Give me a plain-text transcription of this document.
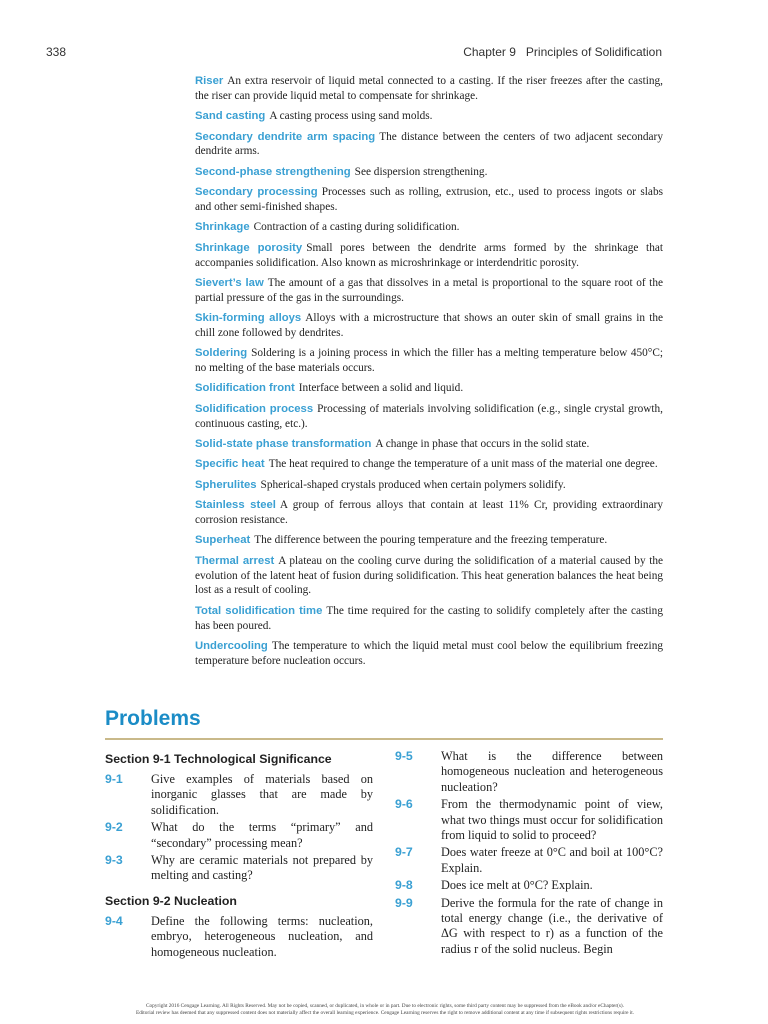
338	Chapter 9 Principles of Solidification
Riser An extra reservoir of liquid metal connected to a casting. If the riser freezes after the casting, the riser can provide liquid metal to compensate for shrinkage.
Sand casting A casting process using sand molds.
Secondary dendrite arm spacing The distance between the centers of two adjacent secondary dendrite arms.
Second-phase strengthening See dispersion strengthening.
Secondary processing Processes such as rolling, extrusion, etc., used to process ingots or slabs and other semi-finished shapes.
Shrinkage Contraction of a casting during solidification.
Shrinkage porosity Small pores between the dendrite arms formed by the shrinkage that accompanies solidification. Also known as microshrinkage or interdendritic porosity.
Sievert’s law The amount of a gas that dissolves in a metal is proportional to the square root of the partial pressure of the gas in the surroundings.
Skin-forming alloys Alloys with a microstructure that shows an outer skin of small grains in the chill zone followed by dendrites.
Soldering Soldering is a joining process in which the filler has a melting temperature below 450°C; no melting of the base materials occurs.
Solidification front Interface between a solid and liquid.
Solidification process Processing of materials involving solidification (e.g., single crystal growth, continuous casting, etc.).
Solid-state phase transformation A change in phase that occurs in the solid state.
Specific heat The heat required to change the temperature of a unit mass of the material one degree.
Spherulites Spherical-shaped crystals produced when certain polymers solidify.
Stainless steel A group of ferrous alloys that contain at least 11% Cr, providing extraordinary corrosion resistance.
Superheat The difference between the pouring temperature and the freezing temperature.
Thermal arrest A plateau on the cooling curve during the solidification of a material caused by the evolution of the latent heat of fusion during solidification. This heat generation balances the heat being lost as a result of cooling.
Total solidification time The time required for the casting to solidify completely after the casting has been poured.
Undercooling The temperature to which the liquid metal must cool below the equilibrium freezing temperature before nucleation occurs.
Problems
Section 9-1 Technological Significance
9-1	Give examples of materials based on inorganic glasses that are made by solidification.
9-2	What do the terms “primary” and “secondary” processing mean?
9-3	Why are ceramic materials not prepared by melting and casting?
Section 9-2 Nucleation
9-4	Define the following terms: nucleation, embryo, heterogeneous nucleation, and homogeneous nucleation.
9-5	What is the difference between homogeneous nucleation and heterogeneous nucleation?
9-6	From the thermodynamic point of view, what two things must occur for solidification from liquid to solid to proceed?
9-7	Does water freeze at 0°C and boil at 100°C? Explain.
9-8	Does ice melt at 0°C? Explain.
9-9	Derive the formula for the rate of change in total energy change (i.e., the derivative of ΔG with respect to r) as a function of the radius r of the solid nucleus. Begin
Copyright 2016 Cengage Learning. All Rights Reserved. May not be copied, scanned, or duplicated, in whole or in part. Due to electronic rights, some third party content may be suppressed from the eBook and/or eChapter(s).
Editorial review has deemed that any suppressed content does not materially affect the overall learning experience. Cengage Learning reserves the right to remove additional content at any time if subsequent rights restrictions require it.
